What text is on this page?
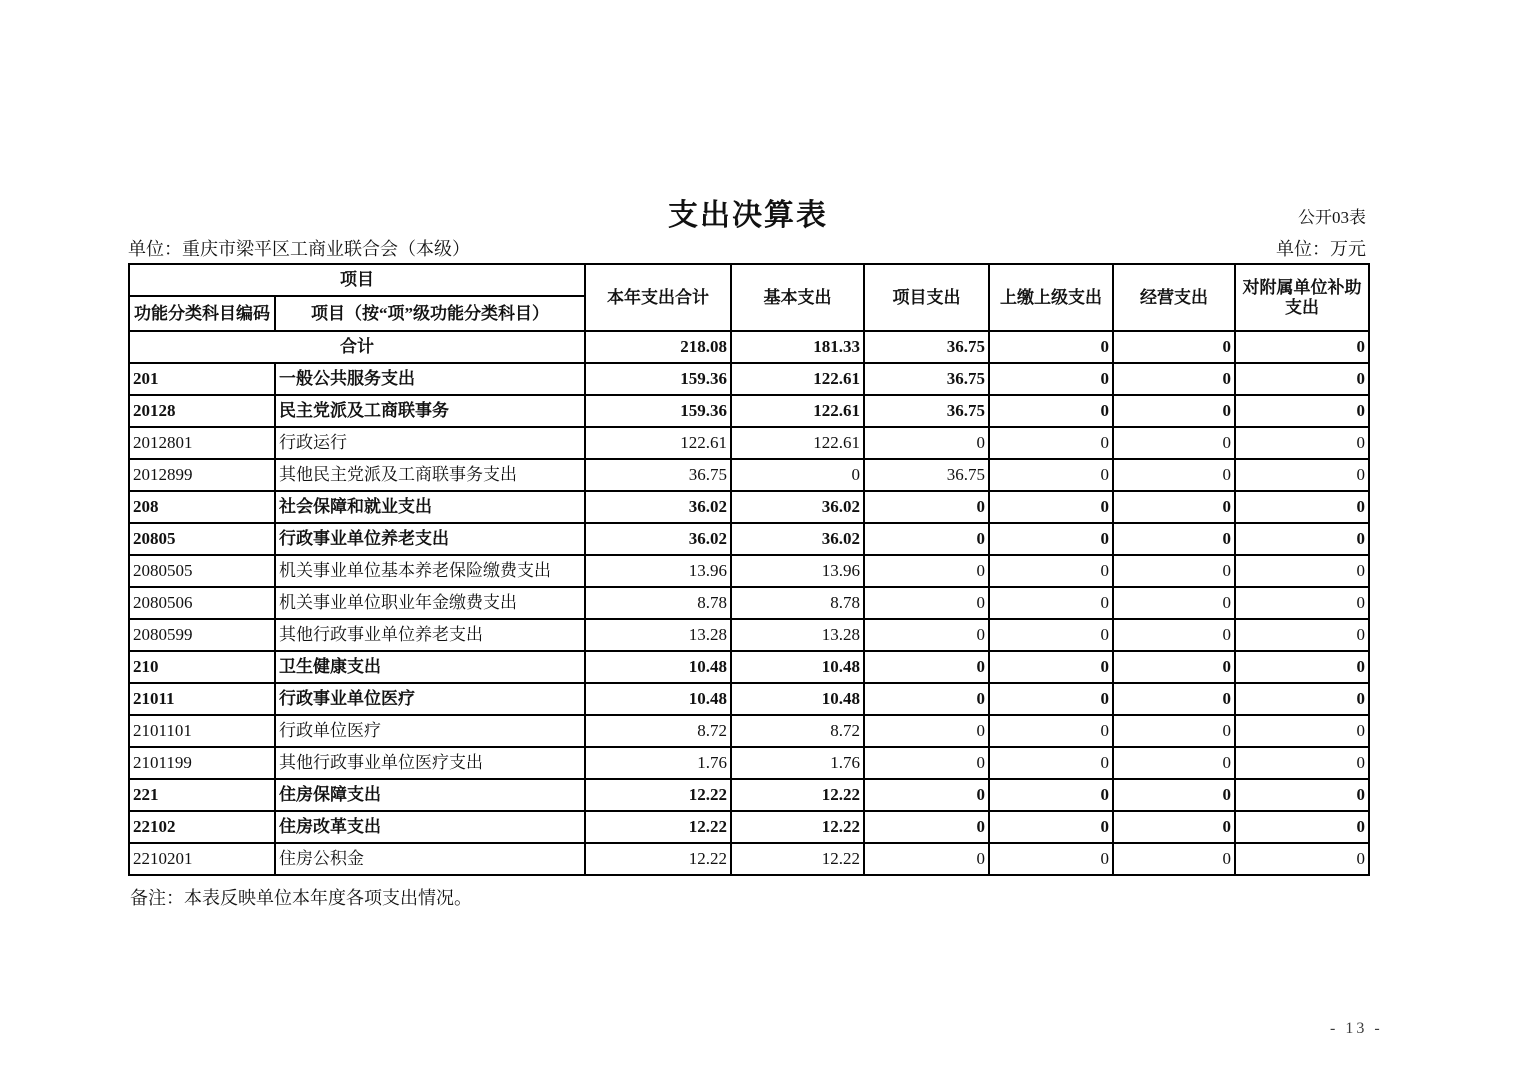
支出决算表	公开03表
单位：重庆市梁平区工商业联合会（本级）	单位：万元
项目		本年支出合计	基本支出	项目支出	上缴上级支出	经营支出	对附属单位补助支出
功能分类科目编码	项目（按“项”级功能分类科目）						
合计		218.08	181.33	36.75	0	0	0
201	一般公共服务支出	159.36	122.61	36.75	0	0	0
20128	民主党派及工商联事务	159.36	122.61	36.75	0	0	0
2012801	行政运行	122.61	122.61	0	0	0	0
2012899	其他民主党派及工商联事务支出	36.75	0	36.75	0	0	0
208	社会保障和就业支出	36.02	36.02	0	0	0	0
20805	行政事业单位养老支出	36.02	36.02	0	0	0	0
2080505	机关事业单位基本养老保险缴费支出	13.96	13.96	0	0	0	0
2080506	机关事业单位职业年金缴费支出	8.78	8.78	0	0	0	0
2080599	其他行政事业单位养老支出	13.28	13.28	0	0	0	0
210	卫生健康支出	10.48	10.48	0	0	0	0
21011	行政事业单位医疗	10.48	10.48	0	0	0	0
2101101	行政单位医疗	8.72	8.72	0	0	0	0
2101199	其他行政事业单位医疗支出	1.76	1.76	0	0	0	0
221	住房保障支出	12.22	12.22	0	0	0	0
22102	住房改革支出	12.22	12.22	0	0	0	0
2210201	住房公积金	12.22	12.22	0	0	0	0
备注：本表反映单位本年度各项支出情况。
- 13 -
